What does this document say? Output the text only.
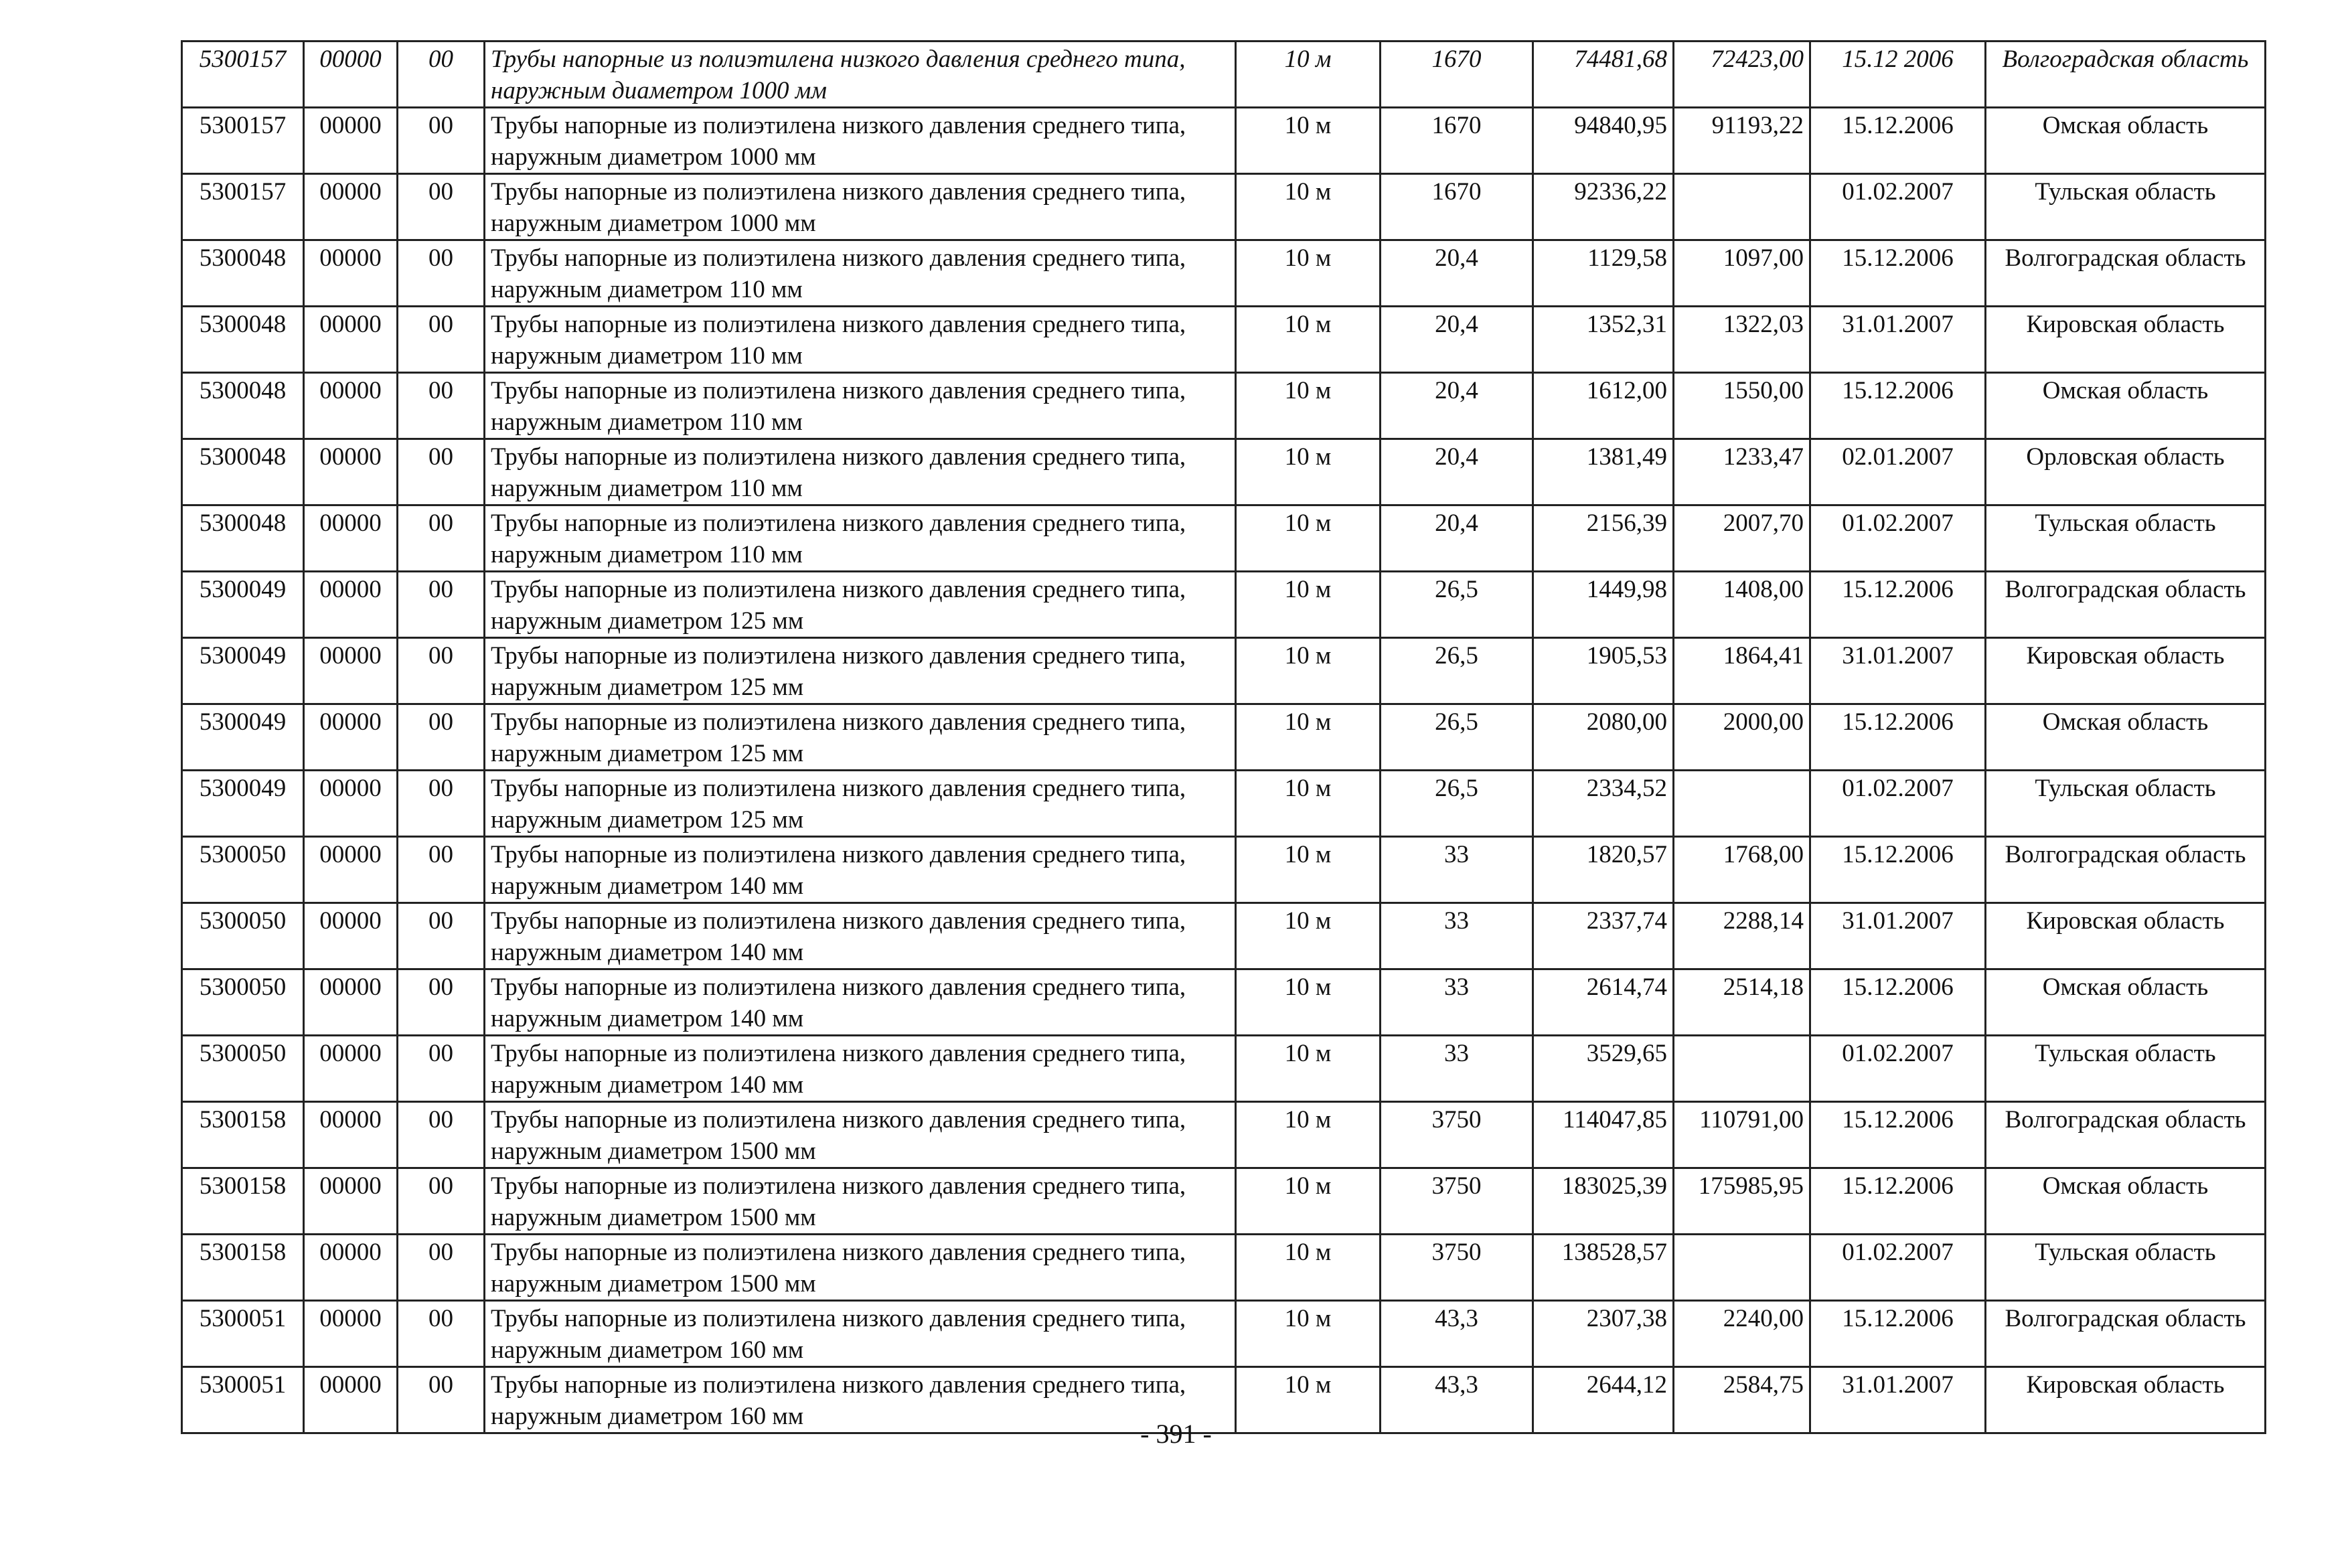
5300157	00000	00	Трубы напорные из полиэтилена низкого давления среднего типа, наружным диаметром 1000 мм	10 м	1670	74481,68	72423,00	15.12 2006	Волгоградская область
5300157	00000	00	Трубы напорные из полиэтилена низкого давления среднего типа, наружным диаметром 1000 мм	10 м	1670	94840,95	91193,22	15.12.2006	Омская область
5300157	00000	00	Трубы напорные из полиэтилена низкого давления среднего типа, наружным диаметром 1000 мм	10 м	1670	92336,22		01.02.2007	Тульская область
5300048	00000	00	Трубы напорные из полиэтилена низкого давления среднего типа, наружным диаметром 110 мм	10 м	20,4	1129,58	1097,00	15.12.2006	Волгоградская область
5300048	00000	00	Трубы напорные из полиэтилена низкого давления среднего типа, наружным диаметром 110 мм	10 м	20,4	1352,31	1322,03	31.01.2007	Кировская область
5300048	00000	00	Трубы напорные из полиэтилена низкого давления среднего типа, наружным диаметром 110 мм	10 м	20,4	1612,00	1550,00	15.12.2006	Омская область
5300048	00000	00	Трубы напорные из полиэтилена низкого давления среднего типа, наружным диаметром 110 мм	10 м	20,4	1381,49	1233,47	02.01.2007	Орловская область
5300048	00000	00	Трубы напорные из полиэтилена низкого давления среднего типа, наружным диаметром 110 мм	10 м	20,4	2156,39	2007,70	01.02.2007	Тульская область
5300049	00000	00	Трубы напорные из полиэтилена низкого давления среднего типа, наружным диаметром 125 мм	10 м	26,5	1449,98	1408,00	15.12.2006	Волгоградская область
5300049	00000	00	Трубы напорные из полиэтилена низкого давления среднего типа, наружным диаметром 125 мм	10 м	26,5	1905,53	1864,41	31.01.2007	Кировская область
5300049	00000	00	Трубы напорные из полиэтилена низкого давления среднего типа, наружным диаметром 125 мм	10 м	26,5	2080,00	2000,00	15.12.2006	Омская область
5300049	00000	00	Трубы напорные из полиэтилена низкого давления среднего типа, наружным диаметром 125 мм	10 м	26,5	2334,52		01.02.2007	Тульская область
5300050	00000	00	Трубы напорные из полиэтилена низкого давления среднего типа, наружным диаметром 140 мм	10 м	33	1820,57	1768,00	15.12.2006	Волгоградская область
5300050	00000	00	Трубы напорные из полиэтилена низкого давления среднего типа, наружным диаметром 140 мм	10 м	33	2337,74	2288,14	31.01.2007	Кировская область
5300050	00000	00	Трубы напорные из полиэтилена низкого давления среднего типа, наружным диаметром 140 мм	10 м	33	2614,74	2514,18	15.12.2006	Омская область
5300050	00000	00	Трубы напорные из полиэтилена низкого давления среднего типа, наружным диаметром 140 мм	10 м	33	3529,65		01.02.2007	Тульская область
5300158	00000	00	Трубы напорные из полиэтилена низкого давления среднего типа, наружным диаметром 1500 мм	10 м	3750	114047,85	110791,00	15.12.2006	Волгоградская область
5300158	00000	00	Трубы напорные из полиэтилена низкого давления среднего типа, наружным диаметром 1500 мм	10 м	3750	183025,39	175985,95	15.12.2006	Омская область
5300158	00000	00	Трубы напорные из полиэтилена низкого давления среднего типа, наружным диаметром 1500 мм	10 м	3750	138528,57		01.02.2007	Тульская область
5300051	00000	00	Трубы напорные из полиэтилена низкого давления среднего типа, наружным диаметром 160 мм	10 м	43,3	2307,38	2240,00	15.12.2006	Волгоградская область
5300051	00000	00	Трубы напорные из полиэтилена низкого давления среднего типа, наружным диаметром 160 мм	10 м	43,3	2644,12	2584,75	31.01.2007	Кировская область
- 391 -
